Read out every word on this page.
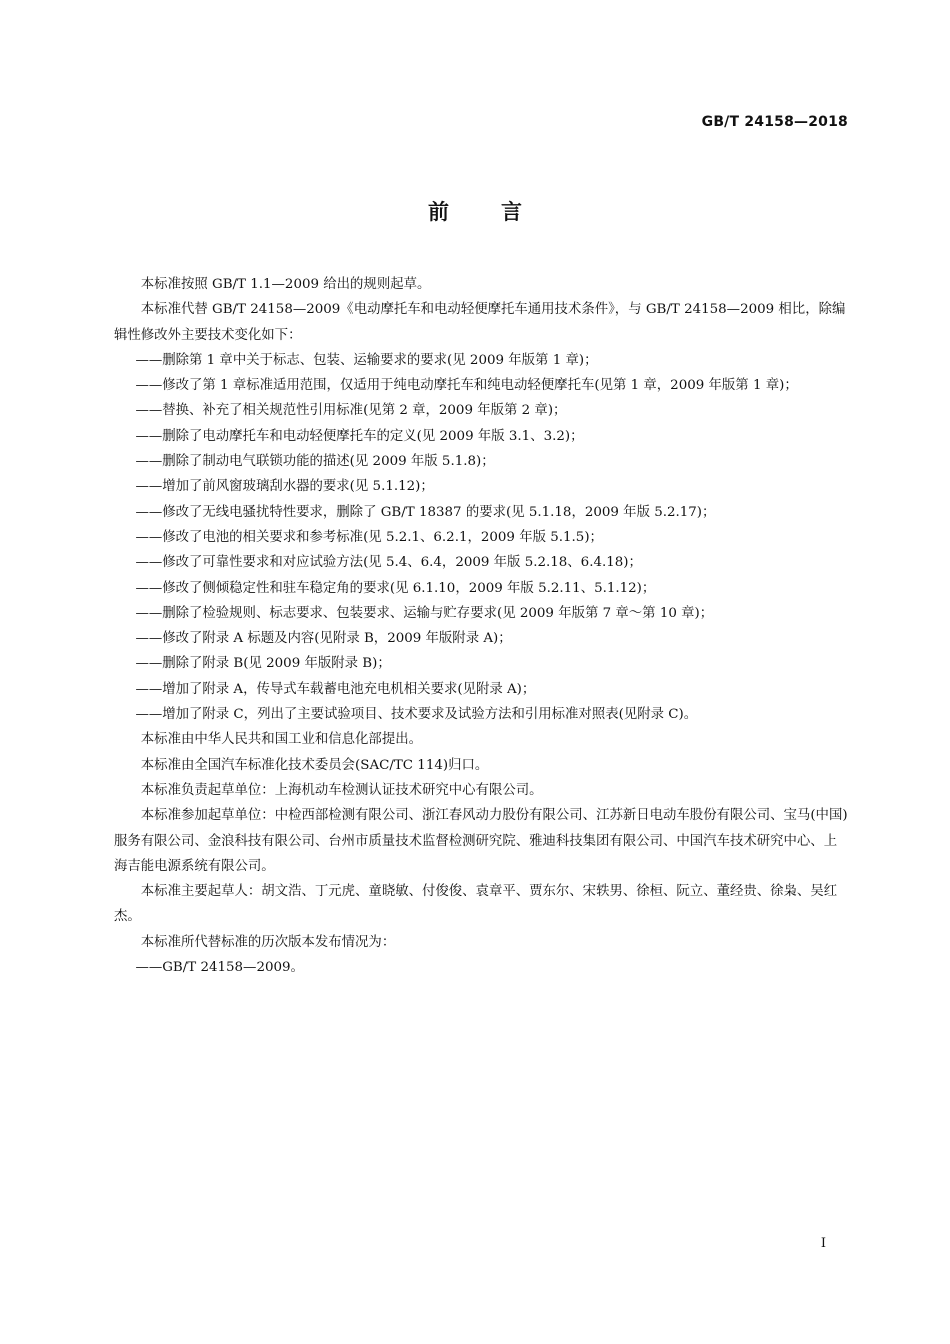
GB/T 24158—2018
前言

本标准按照 GB/T 1.1—2009 给出的规则起草。

本标准代替 GB/T 24158—2009《电动摩托车和电动轻便摩托车通用技术条件》，与 GB/T 24158—2009 相比，除编辑性修改外主要技术变化如下：

——删除第 1 章中关于标志、包装、运输要求的要求(见 2009 年版第 1 章)；

——修改了第 1 章标准适用范围，仅适用于纯电动摩托车和纯电动轻便摩托车(见第 1 章，2009 年版第 1 章)；

——替换、补充了相关规范性引用标准(见第 2 章，2009 年版第 2 章)；

——删除了电动摩托车和电动轻便摩托车的定义(见 2009 年版 3.1、3.2)；

——删除了制动电气联锁功能的描述(见 2009 年版 5.1.8)；

——增加了前风窗玻璃刮水器的要求(见 5.1.12)；

——修改了无线电骚扰特性要求，删除了 GB/T 18387 的要求(见 5.1.18，2009 年版 5.2.17)；

——修改了电池的相关要求和参考标准(见 5.2.1、6.2.1，2009 年版 5.1.5)；

——修改了可靠性要求和对应试验方法(见 5.4、6.4，2009 年版 5.2.18、6.4.18)；

——修改了侧倾稳定性和驻车稳定角的要求(见 6.1.10，2009 年版 5.2.11、5.1.12)；

——删除了检验规则、标志要求、包装要求、运输与贮存要求(见 2009 年版第 7 章～第 10 章)；

——修改了附录 A 标题及内容(见附录 B，2009 年版附录 A)；

——删除了附录 B(见 2009 年版附录 B)；

——增加了附录 A，传导式车载蓄电池充电机相关要求(见附录 A)；

——增加了附录 C，列出了主要试验项目、技术要求及试验方法和引用标准对照表(见附录 C)。

本标准由中华人民共和国工业和信息化部提出。

本标准由全国汽车标准化技术委员会(SAC/TC 114)归口。

本标准负责起草单位：上海机动车检测认证技术研究中心有限公司。

本标准参加起草单位：中检西部检测有限公司、浙江春风动力股份有限公司、江苏新日电动车股份有限公司、宝马(中国)服务有限公司、金浪科技有限公司、台州市质量技术监督检测研究院、雅迪科技集团有限公司、中国汽车技术研究中心、上海吉能电源系统有限公司。

本标准主要起草人：胡文浩、丁元虎、童晓敏、付俊俊、袁章平、贾东尔、宋轶男、徐桓、阮立、董经贵、徐枭、吴红杰。

本标准所代替标准的历次版本发布情况为：

——GB/T 24158—2009。

I
